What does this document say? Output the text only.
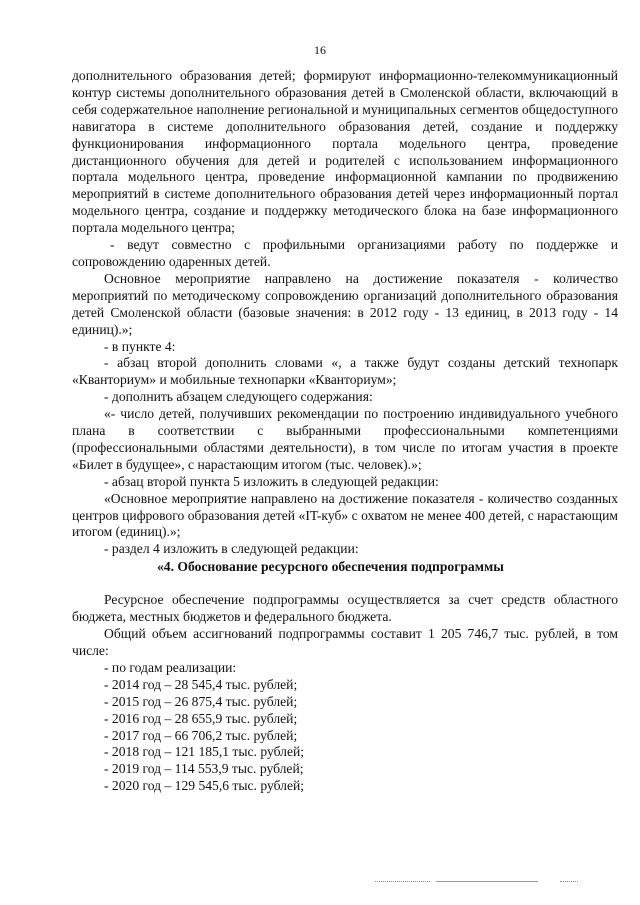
16

дополнительного образования детей; формируют информационно-телекоммуникационный контур системы дополнительного образования детей в Смоленской области, включающий в себя содержательное наполнение региональной и муниципальных сегментов общедоступного навигатора в системе дополнительного образования детей, создание и поддержку функционирования информационного портала модельного центра, проведение дистанционного обучения для детей и родителей с использованием информационного портала модельного центра, проведение информационной кампании по продвижению мероприятий в системе дополнительного образования детей через информационный портал модельного центра, создание и поддержку методического блока на базе информационного портала модельного центра;

- ведут совместно с профильными организациями работу по поддержке и сопровождению одаренных детей.

Основное мероприятие направлено на достижение показателя - количество мероприятий по методическому сопровождению организаций дополнительного образования детей Смоленской области (базовые значения: в 2012 году - 13 единиц, в 2013 году - 14 единиц).»;

- в пункте 4:

- абзац второй дополнить словами «, а также будут созданы детский технопарк «Кванториум» и мобильные технопарки «Кванториум»;

- дополнить абзацем следующего содержания:

«- число детей, получивших рекомендации по построению индивидуального учебного плана в соответствии с выбранными профессиональными компетенциями (профессиональными областями деятельности), в том числе по итогам участия в проекте «Билет в будущее», с нарастающим итогом (тыс. человек).»;

- абзац второй пункта 5 изложить в следующей редакции:

«Основное мероприятие направлено на достижение показателя - количество созданных центров цифрового образования детей «IT-куб» с охватом не менее 400 детей, с нарастающим итогом (единиц).»;

- раздел 4 изложить в следующей редакции:

«4. Обоснование ресурсного обеспечения подпрограммы

Ресурсное обеспечение подпрограммы осуществляется за счет средств областного бюджета, местных бюджетов и федерального бюджета.

Общий объем ассигнований подпрограммы составит 1 205 746,7 тыс. рублей, в том числе:

- по годам реализации:

- 2014 год – 28 545,4 тыс. рублей;

- 2015 год – 26 875,4 тыс. рублей;

- 2016 год – 28 655,9 тыс. рублей;

- 2017 год – 66 706,2 тыс. рублей;

- 2018 год – 121 185,1 тыс. рублей;

- 2019 год – 114 553,9 тыс. рублей;

- 2020 год – 129 545,6 тыс. рублей;
